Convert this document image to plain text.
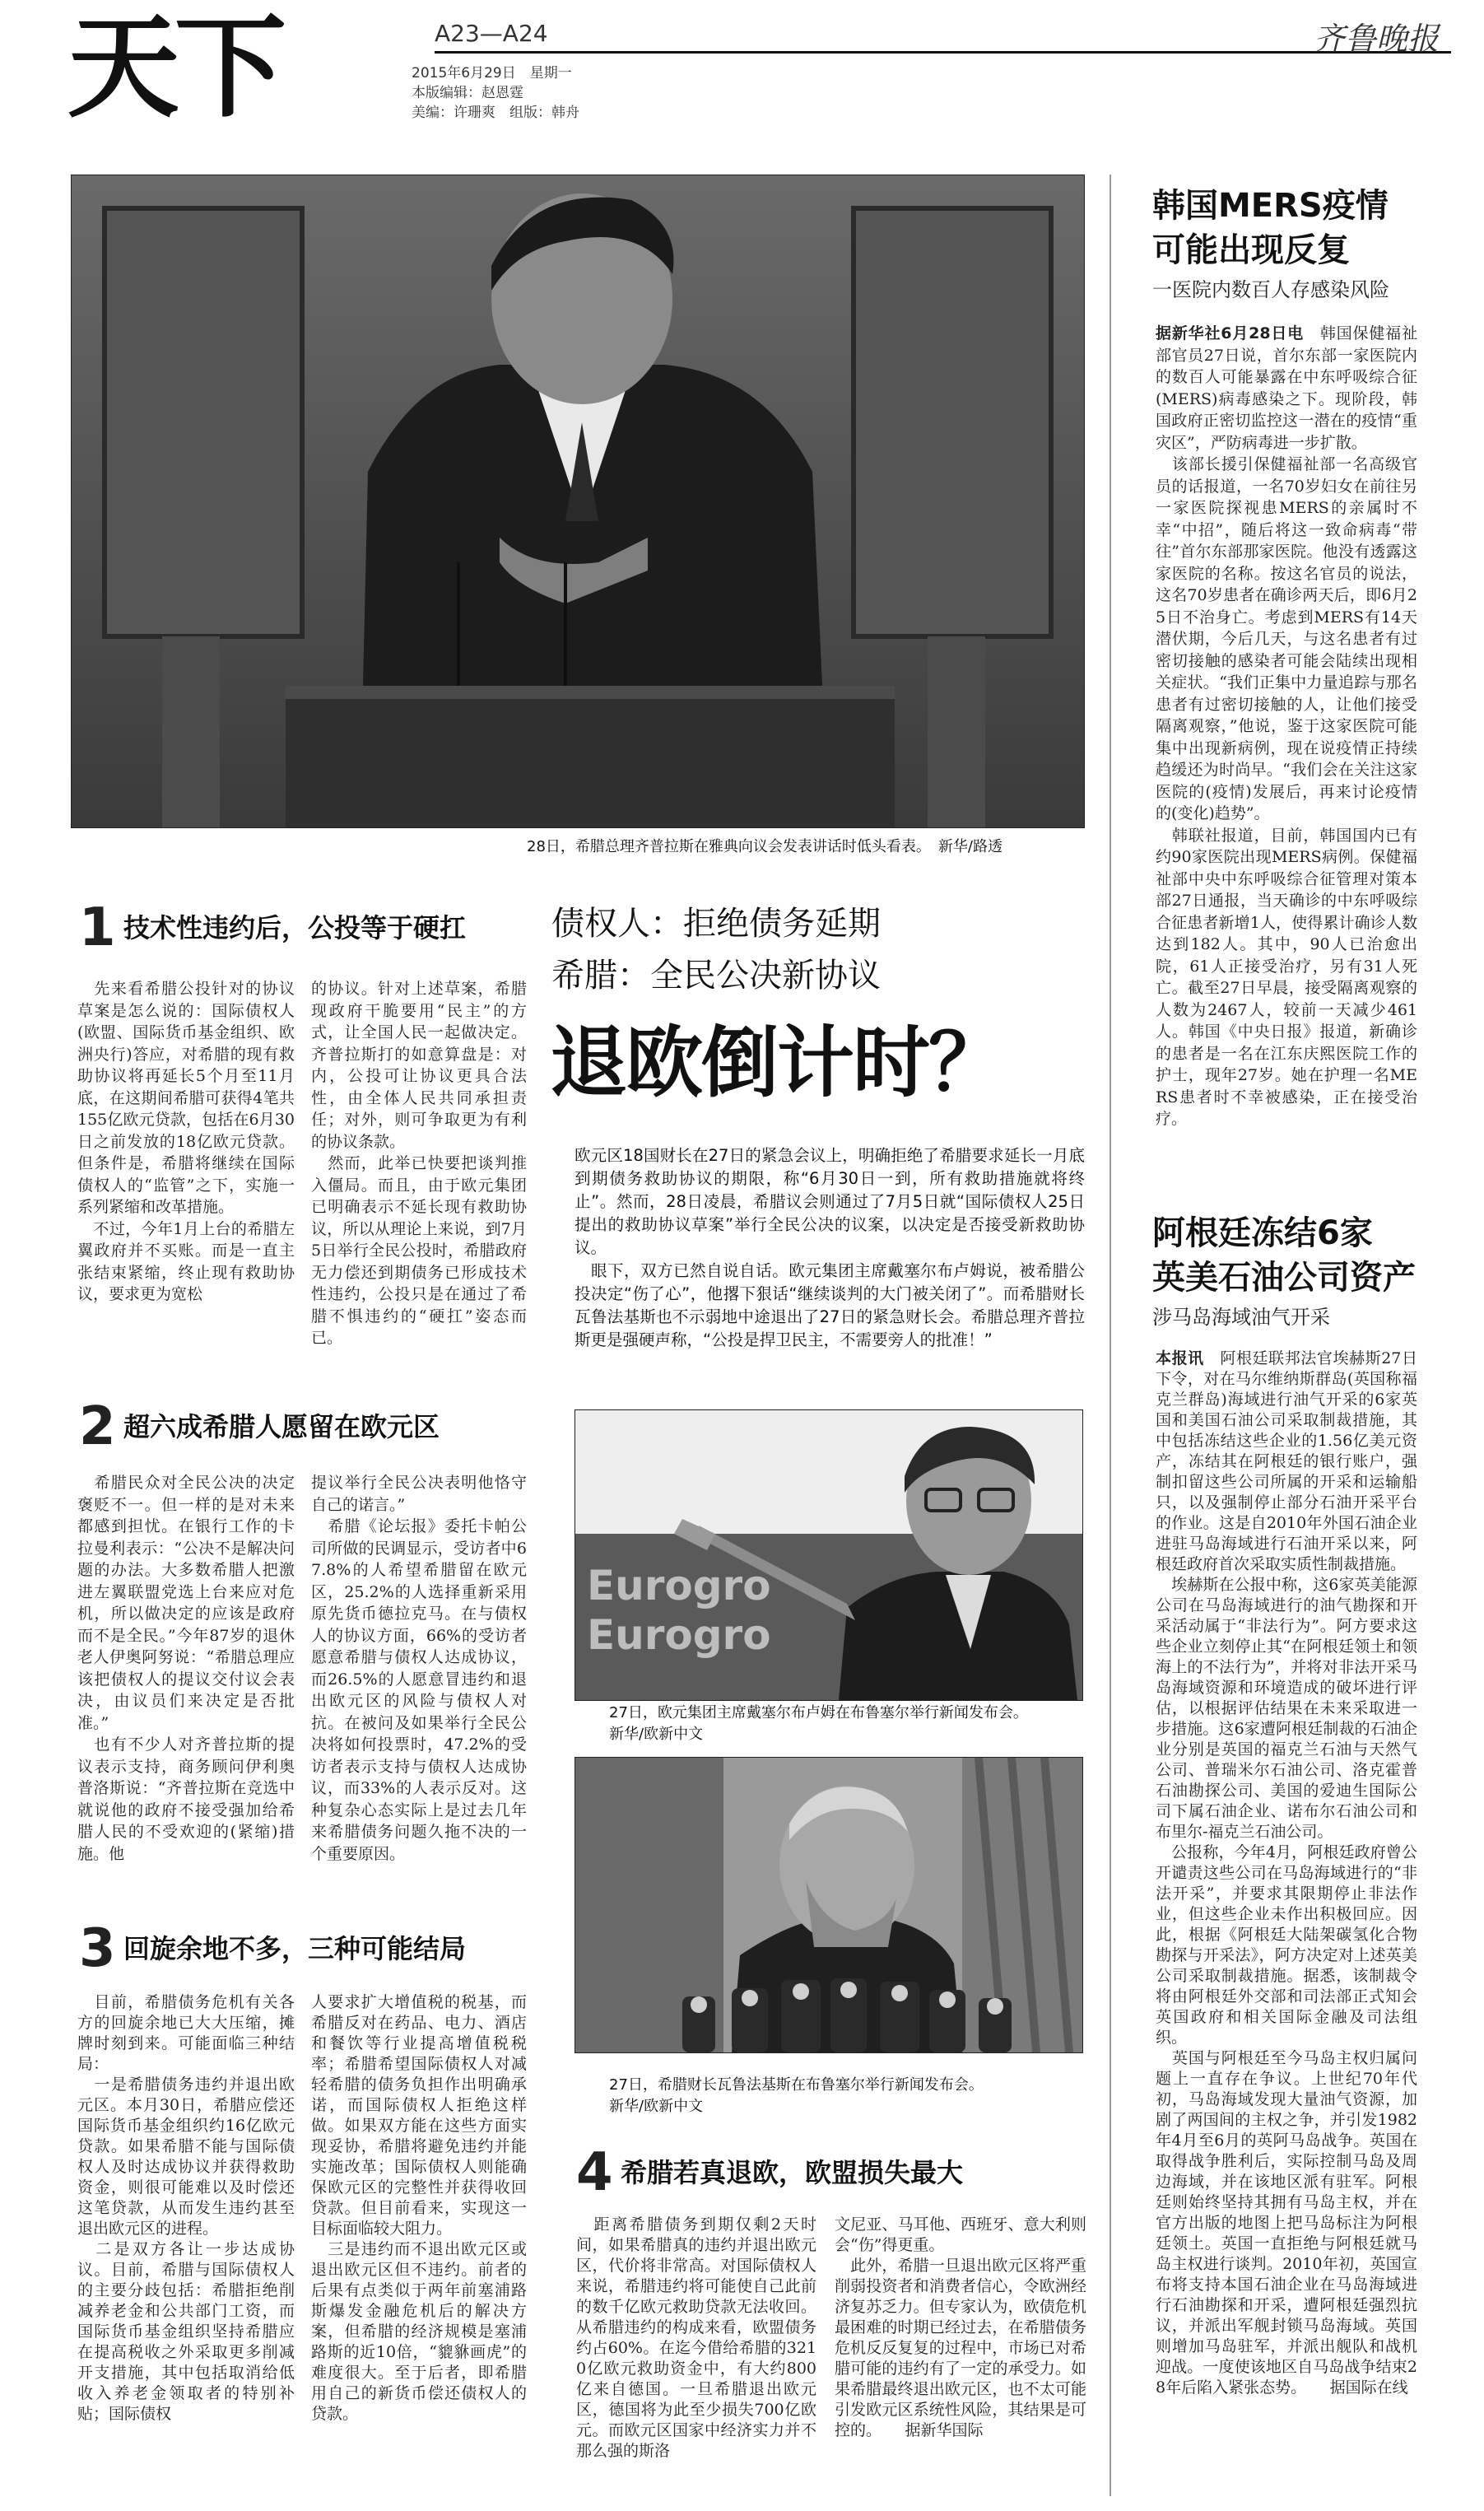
天下	A23—A24	齐鲁晚报
2015年6月29日　星期一
本版编辑：赵恩霆
美编：许珊爽　组版：韩舟
28日，希腊总理齐普拉斯在雅典向议会发表讲话时低头看表。　新华/路透
1 技术性违约后，公投等于硬扛
　先来看希腊公投针对的协议草案是怎么说的：国际债权人(欧盟、国际货币基金组织、欧洲央行)答应，对希腊的现有救助协议将再延长5个月至11月底，在这期间希腊可获得4笔共155亿欧元贷款，包括在6月30日之前发放的18亿欧元贷款。但条件是，希腊将继续在国际债权人的“监管”之下，实施一系列紧缩和改革措施。
　不过，今年1月上台的希腊左翼政府并不买账。而是一直主张结束紧缩，终止现有救助协议，要求更为宽松
的协议。针对上述草案，希腊现政府干脆要用“民主”的方式，让全国人民一起做决定。齐普拉斯打的如意算盘是：对内，公投可让协议更具合法性，由全体人民共同承担责任；对外，则可争取更为有利的协议条款。
　然而，此举已快要把谈判推入僵局。而且，由于欧元集团已明确表示不延长现有救助协议，所以从理论上来说，到7月5日举行全民公投时，希腊政府无力偿还到期债务已形成技术性违约，公投只是在通过了希腊不惧违约的“硬扛”姿态而已。
债权人：拒绝债务延期
希腊：全民公决新协议
退欧倒计时？
欧元区18国财长在27日的紧急会议上，明确拒绝了希腊要求延长一月底到期债务救助协议的期限，称“6月30日一到，所有救助措施就将终止”。然而，28日凌晨，希腊议会则通过了7月5日就“国际债权人25日提出的救助协议草案”举行全民公决的议案，以决定是否接受新救助协议。
　眼下，双方已然自说自话。欧元集团主席戴塞尔布卢姆说，被希腊公投决定“伤了心”，他撂下狠话“继续谈判的大门被关闭了”。而希腊财长瓦鲁法基斯也不示弱地中途退出了27日的紧急财长会。希腊总理齐普拉斯更是强硬声称，“公投是捍卫民主，不需要旁人的批准！”
2 超六成希腊人愿留在欧元区
　希腊民众对全民公决的决定褒贬不一。但一样的是对未来都感到担忧。在银行工作的卡拉曼利表示：“公决不是解决问题的办法。大多数希腊人把激进左翼联盟党选上台来应对危机，所以做决定的应该是政府而不是全民。”今年87岁的退休老人伊奥阿努说：“希腊总理应该把债权人的提议交付议会表决，由议员们来决定是否批准。”
　也有不少人对齐普拉斯的提议表示支持，商务顾问伊利奥普洛斯说：“齐普拉斯在竞选中就说他的政府不接受强加给希腊人民的不受欢迎的(紧缩)措施。他
提议举行全民公决表明他恪守自己的诺言。”
　希腊《论坛报》委托卡帕公司所做的民调显示，受访者中67.8%的人希望希腊留在欧元区，25.2%的人选择重新采用原先货币德拉克马。在与债权人的协议方面，66%的受访者愿意希腊与债权人达成协议，而26.5%的人愿意冒违约和退出欧元区的风险与债权人对抗。在被问及如果举行全民公决将如何投票时，47.2%的受访者表示支持与债权人达成协议，而33%的人表示反对。这种复杂心态实际上是过去几年来希腊债务问题久拖不决的一个重要原因。
Eurogro
Eurogro
27日，欧元集团主席戴塞尔布卢姆在布鲁塞尔举行新闻发布会。
新华/欧新中文
3 回旋余地不多，三种可能结局
　目前，希腊债务危机有关各方的回旋余地已大大压缩，摊牌时刻到来。可能面临三种结局：
　一是希腊债务违约并退出欧元区。本月30日，希腊应偿还国际货币基金组织约16亿欧元贷款。如果希腊不能与国际债权人及时达成协议并获得救助资金，则很可能难以及时偿还这笔贷款，从而发生违约甚至退出欧元区的进程。
　二是双方各让一步达成协议。目前，希腊与国际债权人的主要分歧包括：希腊拒绝削减养老金和公共部门工资，而国际货币基金组织坚持希腊应在提高税收之外采取更多削减开支措施，其中包括取消给低收入养老金领取者的特别补贴；国际债权
人要求扩大增值税的税基，而希腊反对在药品、电力、酒店和餐饮等行业提高增值税税率；希腊希望国际债权人对减轻希腊的债务负担作出明确承诺，而国际债权人拒绝这样做。如果双方能在这些方面实现妥协，希腊将避免违约并能实施改革；国际债权人则能确保欧元区的完整性并获得收回贷款。但目前看来，实现这一目标面临较大阻力。
　三是违约而不退出欧元区或退出欧元区但不违约。前者的后果有点类似于两年前塞浦路斯爆发金融危机后的解决方案，但希腊的经济规模是塞浦路斯的近10倍，“貔貅画虎”的难度很大。至于后者，即希腊用自己的新货币偿还债权人的贷款。
27日，希腊财长瓦鲁法基斯在布鲁塞尔举行新闻发布会。
新华/欧新中文
4 希腊若真退欧，欧盟损失最大
　距离希腊债务到期仅剩2天时间，如果希腊真的违约并退出欧元区，代价将非常高。对国际债权人来说，希腊违约将可能使自己此前的数千亿欧元救助贷款无法收回。从希腊违约的构成来看，欧盟债务约占60%。在迄今借给希腊的3210亿欧元救助资金中，有大约800亿来自德国。一旦希腊退出欧元区，德国将为此至少损失700亿欧元。而欧元区国家中经济实力并不那么强的斯洛
文尼亚、马耳他、西班牙、意大利则会“伤”得更重。
　此外，希腊一旦退出欧元区将严重削弱投资者和消费者信心，令欧洲经济复苏乏力。但专家认为，欧债危机最困难的时期已经过去，在希腊债务危机反反复复的过程中，市场已对希腊可能的违约有了一定的承受力。如果希腊最终退出欧元区，也不太可能引发欧元区系统性风险，其结果是可控的。　　据新华国际
韩国MERS疫情
可能出现反复
一医院内数百人存感染风险
据新华社6月28日电　 韩国保健福祉部官员27日说，首尔东部一家医院内的数百人可能暴露在中东呼吸综合征(MERS)病毒感染之下。现阶段，韩国政府正密切监控这一潜在的疫情“重灾区”，严防病毒进一步扩散。
　该部长援引保健福祉部一名高级官员的话报道，一名70岁妇女在前往另一家医院探视患MERS的亲属时不幸“中招”，随后将这一致命病毒“带往”首尔东部那家医院。他没有透露这家医院的名称。按这名官员的说法，这名70岁患者在确诊两天后，即6月25日不治身亡。考虑到MERS有14天潜伏期，今后几天，与这名患者有过密切接触的感染者可能会陆续出现相关症状。“我们正集中力量追踪与那名患者有过密切接触的人，让他们接受隔离观察，”他说，鉴于这家医院可能集中出现新病例，现在说疫情正持续趋缓还为时尚早。“我们会在关注这家医院的(疫情)发展后，再来讨论疫情的(变化)趋势”。
　韩联社报道，目前，韩国国内已有约90家医院出现MERS病例。保健福祉部中央中东呼吸综合征管理对策本部27日通报，当天确诊的中东呼吸综合征患者新增1人，使得累计确诊人数达到182人。其中，90人已治愈出院，61人正接受治疗，另有31人死亡。截至27日早晨，接受隔离观察的人数为2467人，较前一天减少461人。韩国《中央日报》报道，新确诊的患者是一名在江东庆熙医院工作的护士，现年27岁。她在护理一名MERS患者时不幸被感染，正在接受治疗。
阿根廷冻结6家
英美石油公司资产
涉马岛海域油气开采
本报讯　 阿根廷联邦法官埃赫斯27日下令，对在马尔维纳斯群岛(英国称福克兰群岛)海域进行油气开采的6家英国和美国石油公司采取制裁措施，其中包括冻结这些企业的1.56亿美元资产，冻结其在阿根廷的银行账户，强制扣留这些公司所属的开采和运输船只，以及强制停止部分石油开采平台的作业。这是自2010年外国石油企业进驻马岛海域进行石油开采以来，阿根廷政府首次采取实质性制裁措施。
　埃赫斯在公报中称，这6家英美能源公司在马岛海域进行的油气勘探和开采活动属于“非法行为”。阿方要求这些企业立刻停止其“在阿根廷领土和领海上的不法行为”，并将对非法开采马岛海域资源和环境造成的破坏进行评估，以根据评估结果在未来采取进一步措施。这6家遭阿根廷制裁的石油企业分别是英国的福克兰石油与天然气公司、普瑞米尔石油公司、洛克霍普石油勘探公司、美国的爱迪生国际公司下属石油企业、诺布尔石油公司和布里尔-福克兰石油公司。
　公报称，今年4月，阿根廷政府曾公开谴责这些公司在马岛海域进行的“非法开采”，并要求其限期停止非法作业，但这些企业未作出积极回应。因此，根据《阿根廷大陆架碳氢化合物勘探与开采法》，阿方决定对上述英美公司采取制裁措施。据悉，该制裁令将由阿根廷外交部和司法部正式知会英国政府和相关国际金融及司法组织。
　英国与阿根廷至今马岛主权归属问题上一直存在争议。上世纪70年代初，马岛海域发现大量油气资源，加剧了两国间的主权之争，并引发1982年4月至6月的英阿马岛战争。英国在取得战争胜利后，实际控制马岛及周边海域，并在该地区派有驻军。阿根廷则始终坚持其拥有马岛主权，并在官方出版的地图上把马岛标注为阿根廷领土。英国一直拒绝与阿根廷就马岛主权进行谈判。2010年初，英国宣布将支持本国石油企业在马岛海域进行石油勘探和开采，遭阿根廷强烈抗议，并派出军舰封锁马岛海域。英国则增加马岛驻军，并派出舰队和战机迎战。一度使该地区自马岛战争结束28年后陷入紧张态势。　　据国际在线
